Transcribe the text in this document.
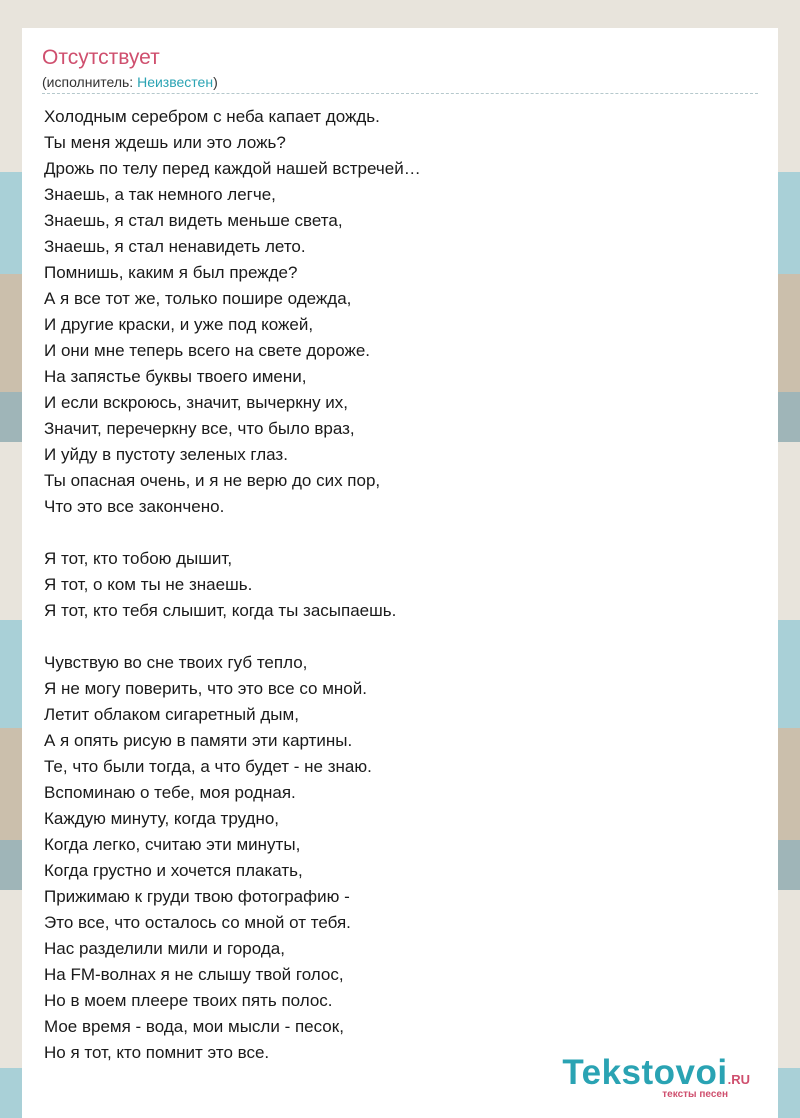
Отсутствует
(исполнитель: Неизвестен)
Холодным серебром с неба капает дождь.
Ты меня ждешь или это ложь?
Дрожь по телу перед каждой нашей встречей…
Знаешь, а так немного легче,
Знаешь, я стал видеть меньше света,
Знаешь, я стал ненавидеть лето.
Помнишь, каким я был прежде?
А я все тот же, только пошире одежда,
И другие краски, и уже под кожей,
И они мне теперь всего на свете дороже.
На запястье буквы твоего имени,
И если вскроюсь, значит, вычеркну их,
Значит, перечеркну все, что было враз,
И уйду в пустоту зеленых глаз.
Ты опасная очень, и я не верю до сих пор,
Что это все закончено.
Я тот, кто тобою дышит,
Я тот, о ком ты не знаешь.
Я тот, кто тебя слышит, когда ты засыпаешь.
Чувствую во сне твоих губ тепло,
Я не могу поверить, что это все со мной.
Летит облаком сигаретный дым,
А я опять рисую в памяти эти картины.
Те, что были тогда, а что будет - не знаю.
Вспоминаю о тебе, моя родная.
Каждую минуту, когда трудно,
Когда легко, считаю эти минуты,
Когда грустно и хочется плакать,
Прижимаю к груди твою фотографию -
Это все, что осталось со мной от тебя.
Нас разделили мили и города,
На FM-волнах я не слышу твой голос,
Но в моем плеере твоих пять полос.
Мое время - вода, мои мысли - песок,
Но я тот, кто помнит это все.
Tekstovoi.RU
тексты песен
